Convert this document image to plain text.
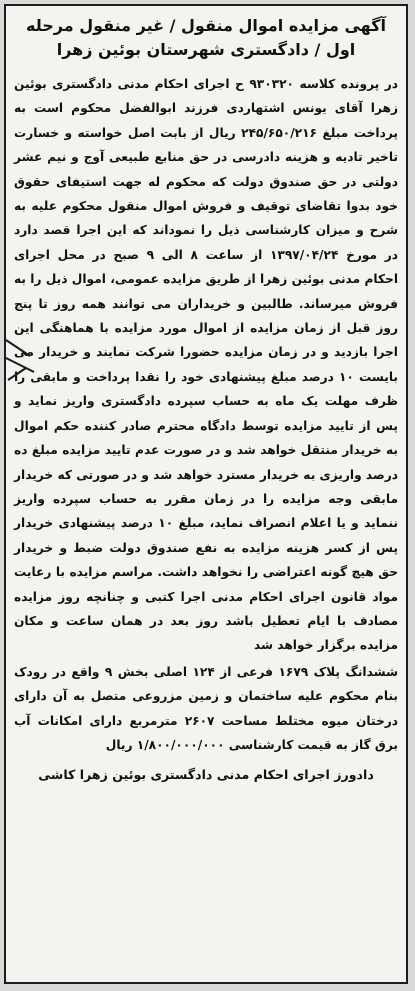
آگهی مزایده اموال منقول / غیر منقول مرحله
اول / دادگستری شهرستان بوئین زهرا

در پرونده کلاسه ۹۳۰۳۲۰ ح اجرای احکام مدنی دادگستری بوئین زهرا آقای یونس اشتهاردی فرزند ابوالفضل محکوم است به پرداخت مبلغ ۲۴۵/۶۵۰/۲۱۶ ریال از بابت اصل خواسته و خسارت تاخیر تادیه و هزینه دادرسی در حق منابع طبیعی آوج و نیم عشر دولتی در حق صندوق دولت که محکوم له جهت استیفای حقوق خود بدوا تقاضای توقیف و فروش اموال منقول محکوم علیه به شرح و میزان کارشناسی ذیل را نموداند که این اجرا قصد دارد در مورخ ۱۳۹۷/۰۴/۲۴ از ساعت ۸ الی ۹ صبح در محل اجرای احکام مدنی بوئین زهرا از طریق مزایده عمومی، اموال ذیل را به فروش میرساند. طالبین و خریداران می توانند همه روز تا پنج روز قبل از زمان مزایده از اموال مورد مزایده با هماهنگی این اجرا بازدید و در زمان مزایده حضورا شرکت نمایند و خریدار می بایست ۱۰ درصد مبلغ پیشنهادی خود را نقدا پرداخت و مابقی را ظرف مهلت یک ماه به حساب سپرده دادگستری واریز نماید و پس از تایید مزایده توسط دادگاه محترم صادر کننده حکم اموال به خریدار منتقل خواهد شد و در صورت عدم تایید مزایده مبلغ ده درصد واریزی به خریدار مسترد خواهد شد و در صورتی که خریدار مابقی وجه مزایده را در زمان مقرر به حساب سپرده واریز ننماید و یا اعلام انصراف نماید، مبلغ ۱۰ درصد پیشنهادی خریدار پس از کسر هزینه مزایده به نفع صندوق دولت ضبط و خریدار حق هیچ گونه اعتراضی را نخواهد داشت. مراسم مزایده با رعایت مواد قانون اجرای احکام مدنی اجرا کتبی و چنانچه روز مزایده مصادف با ایام تعطیل باشد روز بعد در همان ساعت و مکان مزایده برگزار خواهد شد

ششدانگ پلاک ۱۶۷۹ فرعی از ۱۲۴ اصلی بخش ۹ واقع در رودک بنام محکوم علیه ساختمان و زمین مزروعی متصل به آن دارای درختان میوه مختلط مساحت ۲۶۰۷ مترمربع دارای امکانات آب برق گاز به قیمت کارشناسی ۱/۸۰۰/۰۰۰/۰۰۰ ریال

دادورز اجرای احکام مدنی دادگستری بوئین زهرا کاشی
